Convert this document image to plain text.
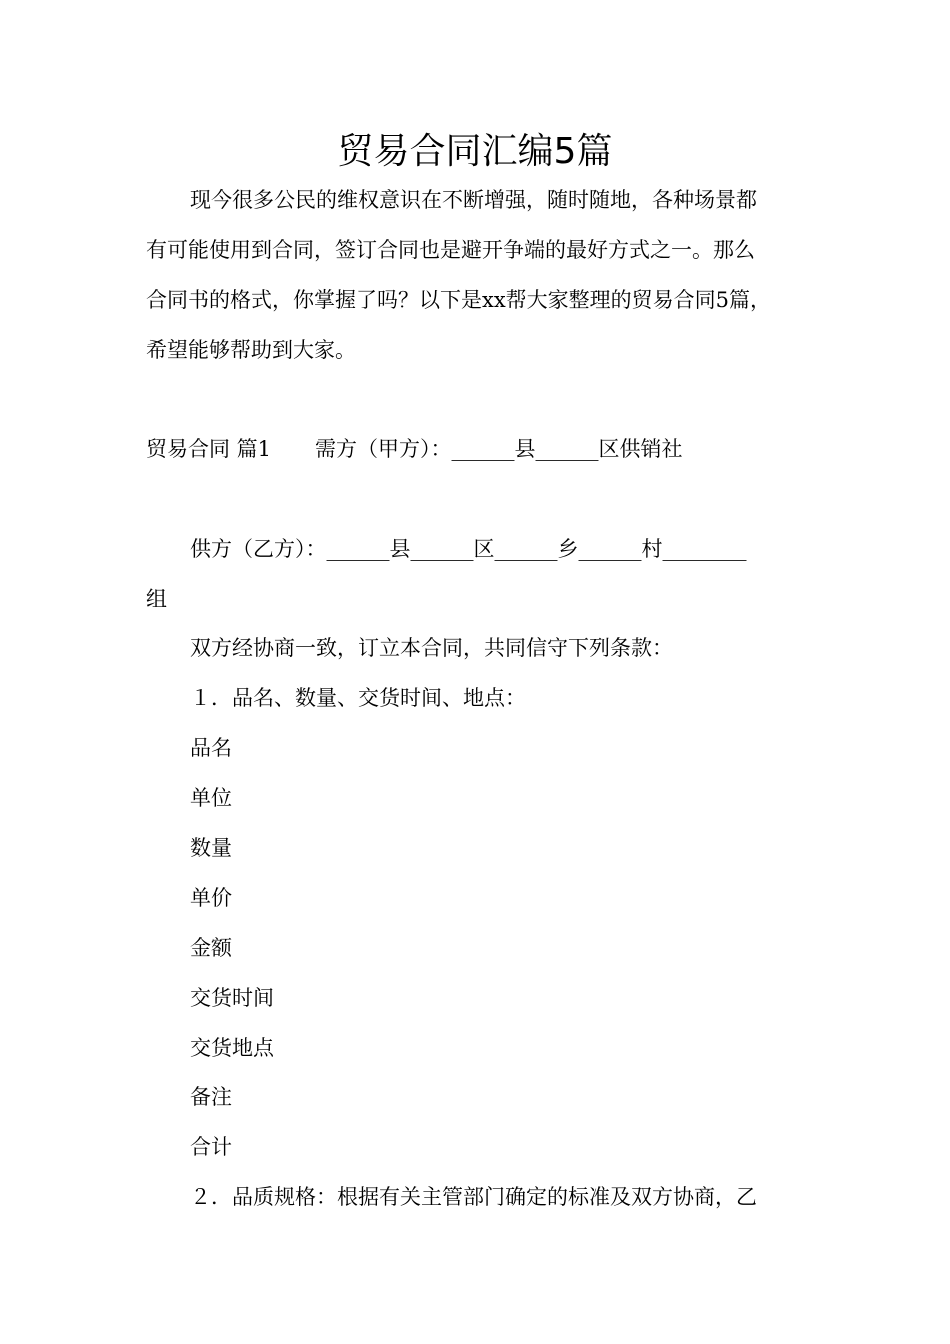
贸易合同汇编5篇
现今很多公民的维权意识在不断增强，随时随地，各种场景都
有可能使用到合同，签订合同也是避开争端的最好方式之一。那么
合同书的格式，你掌握了吗？以下是xx帮大家整理的贸易合同5篇，
希望能够帮助到大家。
贸易合同 篇1 需方（甲方）：______县______区供销社
供方（乙方）：______县______区______乡______村________
组
双方经协商一致，订立本合同，共同信守下列条款：
１．品名、数量、交货时间、地点：
品名
单位
数量
单价
金额
交货时间
交货地点
备注
合计
２．品质规格：根据有关主管部门确定的标准及双方协商，乙
